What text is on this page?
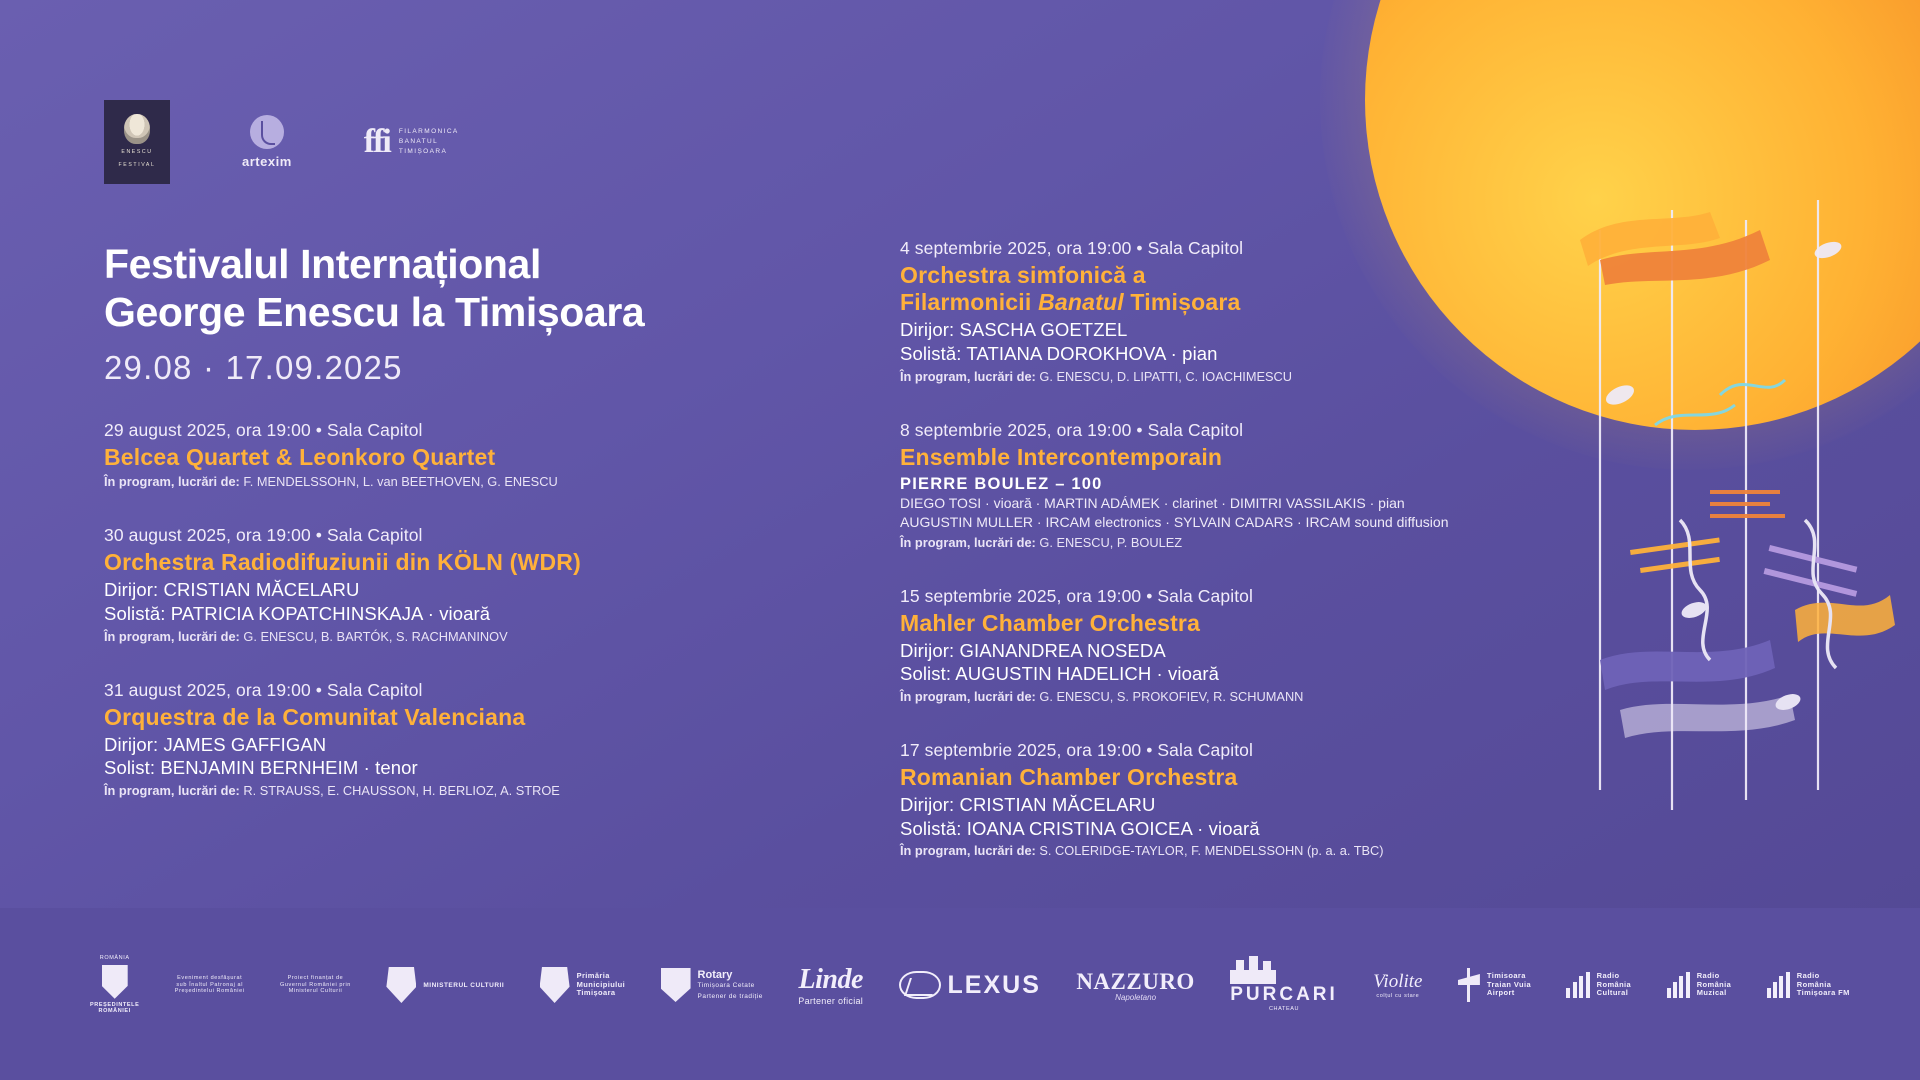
ENESCU
FESTIVAL	artexim
ffi FILARMONICA
BANATUL
TIMIȘOARA
Festivalul Internațional
George Enescu la Timișoara
29.08 · 17.09.2025
29 august 2025, ora 19:00 • Sala Capitol
Belcea Quartet & Leonkoro Quartet
În program, lucrări de: F. MENDELSSOHN, L. van BEETHOVEN, G. ENESCU
30 august 2025, ora 19:00 • Sala Capitol
Orchestra Radiodifuziunii din KÖLN (WDR)
Dirijor: CRISTIAN MĂCELARU
Solistă: PATRICIA KOPATCHINSKAJA · vioară
În program, lucrări de: G. ENESCU, B. BARTÓK, S. RACHMANINOV
31 august 2025, ora 19:00 • Sala Capitol
Orquestra de la Comunitat Valenciana
Dirijor: JAMES GAFFIGAN
Solist: BENJAMIN BERNHEIM · tenor
În program, lucrări de: R. STRAUSS, E. CHAUSSON, H. BERLIOZ, A. STROE
4 septembrie 2025, ora 19:00 • Sala Capitol
Orchestra simfonică a
Filarmonicii Banatul Timișoara
Dirijor: SASCHA GOETZEL
Solistă: TATIANA DOROKHOVA · pian
În program, lucrări de: G. ENESCU, D. LIPATTI, C. IOACHIMESCU
8 septembrie 2025, ora 19:00 • Sala Capitol
Ensemble Intercontemporain
PIERRE BOULEZ – 100
DIEGO TOSI · vioară · MARTIN ADÁMEK · clarinet · DIMITRI VASSILAKIS · pian
AUGUSTIN MULLER · IRCAM electronics · SYLVAIN CADARS · IRCAM sound diffusion
În program, lucrări de: G. ENESCU, P. BOULEZ
15 septembrie 2025, ora 19:00 • Sala Capitol
Mahler Chamber Orchestra
Dirijor: GIANANDREA NOSEDA
Solist: AUGUSTIN HADELICH · vioară
În program, lucrări de: G. ENESCU, S. PROKOFIEV, R. SCHUMANN
17 septembrie 2025, ora 19:00 • Sala Capitol
Romanian Chamber Orchestra
Dirijor: CRISTIAN MĂCELARU
Solistă: IOANA CRISTINA GOICEA · vioară
În program, lucrări de: S. COLERIDGE-TAYLOR, F. MENDELSSOHN (p. a. a. TBC)
ROMÂNIA
PREȘEDINTELE
ROMÂNIEI
Eveniment desfășurat
sub Înaltul Patronaj al
Președintelui României
Proiect finanțat de
Guvernul României prin
Ministerul Culturii
MINISTERUL CULTURII
Primăria
Municipiului
Timișoara
Rotary
Timișoara Cetate
Partener de tradiție
Linde
Partener oficial
LEXUS NAZZURO
Napoletano	PURCARI
CHATEAU
Violite
colțul cu stare
Timisoara
Traian Vuia
Airport
Radio
România
Cultural
Radio
România
Muzical
Radio
România
Timișoara FM
